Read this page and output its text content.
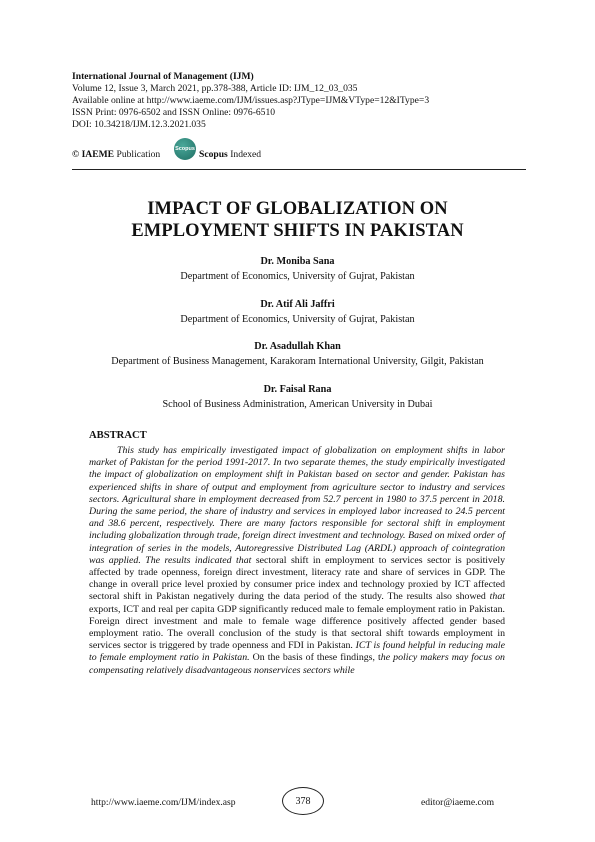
International Journal of Management (IJM)
Volume 12, Issue 3, March 2021, pp.378-388, Article ID: IJM_12_03_035
Available online at http://www.iaeme.com/IJM/issues.asp?JType=IJM&VType=12&IType=3
ISSN Print: 0976-6502 and ISSN Online: 0976-6510
DOI: 10.34218/IJM.12.3.2021.035
© IAEME
Publication	Scopus Scopus Indexed
IMPACT OF GLOBALIZATION ON
EMPLOYMENT SHIFTS IN PAKISTAN
Dr. Moniba Sana
Department of Economics, University of Gujrat, Pakistan
Dr. Atif Ali Jaffri
Department of Economics, University of Gujrat, Pakistan
Dr. Asadullah Khan
Department of Business Management, Karakoram International University, Gilgit, Pakistan
Dr. Faisal Rana
School of Business Administration, American University in Dubai
ABSTRACT

This study has empirically investigated impact of globalization on employment shifts in labor market of Pakistan for the period 1991-2017. In two separate themes, the study empirically investigated the impact of globalization on employment shift in Pakistan based on sector and gender. Pakistan has experienced shifts in share of output and employment from agriculture sector to industry and services sectors. Agricultural share in employment decreased from 52.7 percent in 1980 to 37.5 percent in 2018. During the same period, the share of industry and services in employed labor increased to 24.5 percent and 38.6 percent, respectively. There are many factors responsible for sectoral shift in employment including globalization through trade, foreign direct investment and technology. Based on mixed order of integration of series in the models, Autoregressive Distributed Lag (ARDL) approach of cointegration was applied. The results indicated that sectoral shift in employment to services sector is positively affected by trade openness, foreign direct investment, literacy rate and share of services in GDP. The change in overall price level proxied by consumer price index and technology proxied by ICT affected sectoral shift in Pakistan negatively during the data period of the study. The results also showed that exports, ICT and real per capita GDP significantly reduced male to female employment ratio in Pakistan. Foreign direct investment and male to female wage difference positively affected gender based employment ratio. The overall conclusion of the study is that sectoral shift towards employment in services sector is triggered by trade openness and FDI in Pakistan. ICT is found helpful in reducing male to female employment ratio in Pakistan. On the basis of these findings, the policy makers may focus on compensating relatively disadvantageous nonservices sectors while

http://www.iaeme.com/IJM/index.asp	378	editor@iaeme.com
